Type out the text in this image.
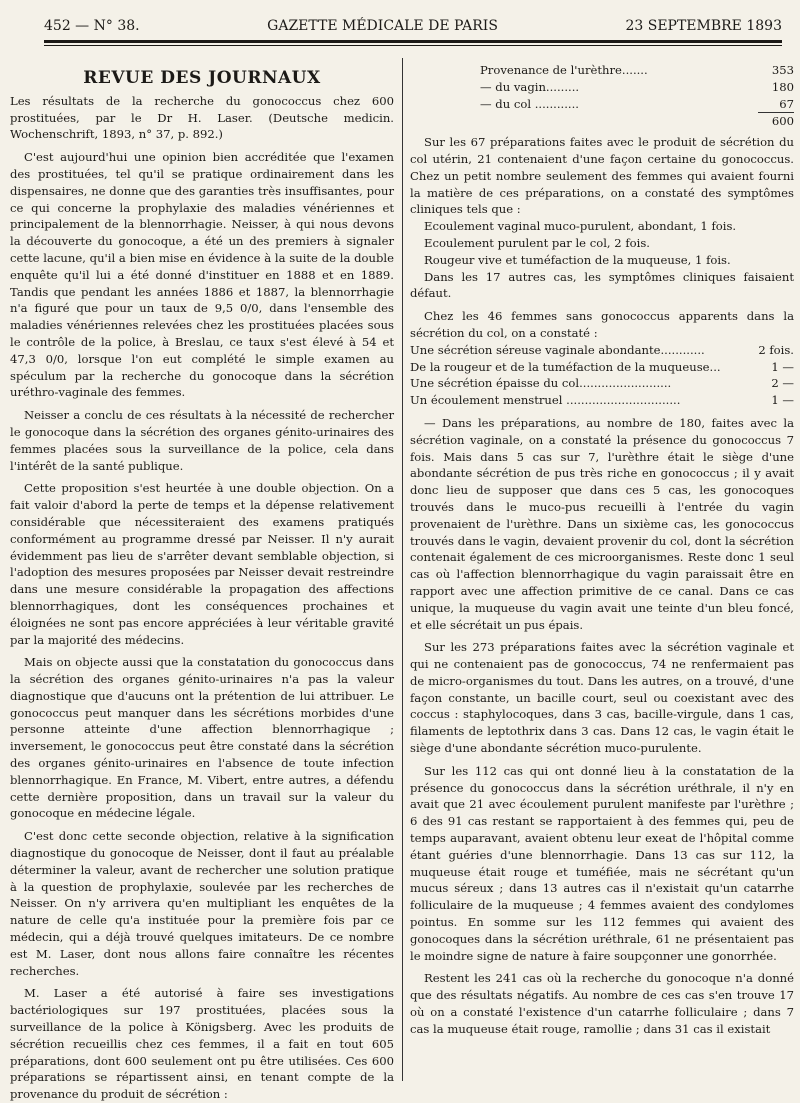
452 — N° 38.	GAZETTE MÉDICALE DE PARIS	23 SEPTEMBRE 1893
REVUE DES JOURNAUX

Les résultats de la recherche du gonococcus chez 600 prostituées, par le Dr H. Laser. (Deutsche medicin. Wochenschrift, 1893, n° 37, p. 892.)

C'est aujourd'hui une opinion bien accréditée que l'examen des prostituées, tel qu'il se pratique ordinairement dans les dispensaires, ne donne que des garanties très insuffisantes, pour ce qui concerne la prophylaxie des maladies vénériennes et principalement de la blennorrhagie. Neisser, à qui nous devons la découverte du gonocoque, a été un des premiers à signaler cette lacune, qu'il a bien mise en évidence à la suite de la double enquête qu'il lui a été donné d'instituer en 1888 et en 1889. Tandis que pendant les années 1886 et 1887, la blennorrhagie n'a figuré que pour un taux de 9,5 0/0, dans l'ensemble des maladies vénériennes relevées chez les prostituées placées sous le contrôle de la police, à Breslau, ce taux s'est élevé à 54 et 47,3 0/0, lorsque l'on eut complété le simple examen au spéculum par la recherche du gonocoque dans la sécrétion uréthro-vaginale des femmes.

Neisser a conclu de ces résultats à la nécessité de rechercher le gonocoque dans la sécrétion des organes génito-urinaires des femmes placées sous la surveillance de la police, cela dans l'intérêt de la santé publique.

Cette proposition s'est heurtée à une double objection. On a fait valoir d'abord la perte de temps et la dépense relativement considérable que nécessiteraient des examens pratiqués conformément au programme dressé par Neisser. Il n'y aurait évidemment pas lieu de s'arrêter devant semblable objection, si l'adoption des mesures proposées par Neisser devait restreindre dans une mesure considérable la propagation des affections blennorrhagiques, dont les conséquences prochaines et éloignées ne sont pas encore appréciées à leur véritable gravité par la majorité des médecins.

Mais on objecte aussi que la constatation du gonococcus dans la sécrétion des organes génito-urinaires n'a pas la valeur diagnostique que d'aucuns ont la prétention de lui attribuer. Le gonococcus peut manquer dans les sécrétions morbides d'une personne atteinte d'une affection blennorrhagique ; inversement, le gonococcus peut être constaté dans la sécrétion des organes génito-urinaires en l'absence de toute infection blennorrhagique. En France, M. Vibert, entre autres, a défendu cette dernière proposition, dans un travail sur la valeur du gonocoque en médecine légale.

C'est donc cette seconde objection, relative à la signification diagnostique du gonocoque de Neisser, dont il faut au préalable déterminer la valeur, avant de rechercher une solution pratique à la question de prophylaxie, soulevée par les recherches de Neisser. On n'y arrivera qu'en multipliant les enquêtes de la nature de celle qu'a instituée pour la première fois par ce médecin, qui a déjà trouvé quelques imitateurs. De ce nombre est M. Laser, dont nous allons faire connaître les récentes recherches.

M. Laser a été autorisé à faire ses investigations bactériologiques sur 197 prostituées, placées sous la surveillance de la police à Königsberg. Avec les produits de sécrétion recueillis chez ces femmes, il a fait en tout 605 préparations, dont 600 seulement ont pu être utilisées. Ces 600 préparations se répartissent ainsi, en tenant compte de la provenance du produit de sécrétion :

Provenance de l'urèthre.......	353
— du vagin.........	180
— du col ............	67
600

Sur les 67 préparations faites avec le produit de sécrétion du col utérin, 21 contenaient d'une façon certaine du gonococcus. Chez un petit nombre seulement des femmes qui avaient fourni la matière de ces préparations, on a constaté des symptômes cliniques tels que :

Ecoulement vaginal muco-purulent, abondant, 1 fois.

Ecoulement purulent par le col, 2 fois.

Rougeur vive et tuméfaction de la muqueuse, 1 fois.

Dans les 17 autres cas, les symptômes cliniques faisaient défaut.

Chez les 46 femmes sans gonococcus apparents dans la sécrétion du col, on a constaté :

Une sécrétion séreuse vaginale abondante............	2 fois.
De la rougeur et de la tuméfaction de la muqueuse...	1 —
Une sécrétion épaisse du col.........................	2 —
Un écoulement menstruel ...............................	1 —

— Dans les préparations, au nombre de 180, faites avec la sécrétion vaginale, on a constaté la présence du gonococcus 7 fois. Mais dans 5 cas sur 7, l'urèthre était le siège d'une abondante sécrétion de pus très riche en gonococcus ; il y avait donc lieu de supposer que dans ces 5 cas, les gonocoques trouvés dans le muco-pus recueilli à l'entrée du vagin provenaient de l'urèthre. Dans un sixième cas, les gonococcus trouvés dans le vagin, devaient provenir du col, dont la sécrétion contenait également de ces microorganismes. Reste donc 1 seul cas où l'affection blennorrhagique du vagin paraissait être en rapport avec une affection primitive de ce canal. Dans ce cas unique, la muqueuse du vagin avait une teinte d'un bleu foncé, et elle sécrétait un pus épais.

Sur les 273 préparations faites avec la sécrétion vaginale et qui ne contenaient pas de gonococcus, 74 ne renfermaient pas de micro-organismes du tout. Dans les autres, on a trouvé, d'une façon constante, un bacille court, seul ou coexistant avec des coccus : staphylocoques, dans 3 cas, bacille-virgule, dans 1 cas, filaments de leptothrix dans 3 cas. Dans 12 cas, le vagin était le siège d'une abondante sécrétion muco-purulente.

Sur les 112 cas qui ont donné lieu à la constatation de la présence du gonococcus dans la sécrétion uréthrale, il n'y en avait que 21 avec écoulement purulent manifeste par l'urèthre ; 6 des 91 cas restant se rapportaient à des femmes qui, peu de temps auparavant, avaient obtenu leur exeat de l'hôpital comme étant guéries d'une blennorrhagie. Dans 13 cas sur 112, la muqueuse était rouge et tuméfiée, mais ne sécrétant qu'un mucus séreux ; dans 13 autres cas il n'existait qu'un catarrhe folliculaire de la muqueuse ; 4 femmes avaient des condylomes pointus. En somme sur les 112 femmes qui avaient des gonocoques dans la sécrétion uréthrale, 61 ne présentaient pas le moindre signe de nature à faire soupçonner une gonorrhée.

Restent les 241 cas où la recherche du gonocoque n'a donné que des résultats négatifs. Au nombre de ces cas s'en trouve 17 où on a constaté l'existence d'un catarrhe folliculaire ; dans 7 cas la muqueuse était rouge, ramollie ; dans 31 cas il existait
